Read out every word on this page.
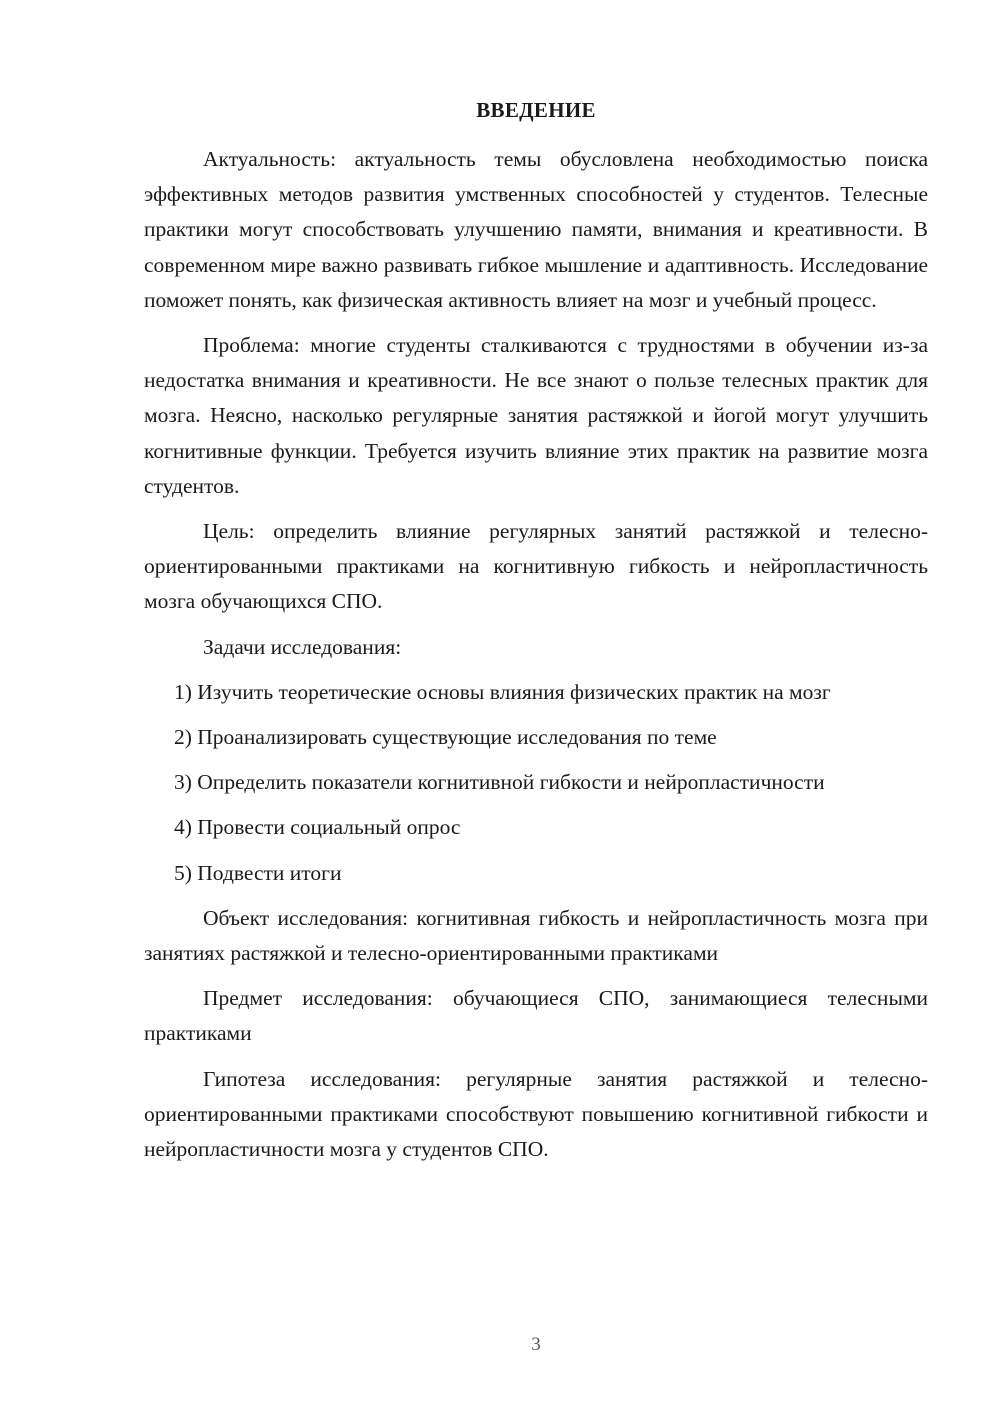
ВВЕДЕНИЕ

Актуальность: актуальность темы обусловлена необходимостью поиска эффективных методов развития умственных способностей у студентов. Телесные практики могут способствовать улучшению памяти, внимания и креативности. В современном мире важно развивать гибкое мышление и адаптивность. Исследование поможет понять, как физическая активность влияет на мозг и учебный процесс.

Проблема: многие студенты сталкиваются с трудностями в обучении из-за недостатка внимания и креативности. Не все знают о пользе телесных практик для мозга. Неясно, насколько регулярные занятия растяжкой и йогой могут улучшить когнитивные функции. Требуется изучить влияние этих практик на развитие мозга студентов.

Цель: определить влияние регулярных занятий растяжкой и телесно-ориентированными практиками на когнитивную гибкость и нейропластичность мозга обучающихся СПО.

Задачи исследования:

1) Изучить теоретические основы влияния физических практик на мозг

2) Проанализировать существующие исследования по теме

3) Определить показатели когнитивной гибкости и нейропластичности

4) Провести социальный опрос

5) Подвести итоги

Объект исследования: когнитивная гибкость и нейропластичность мозга при занятиях растяжкой и телесно-ориентированными практиками

Предмет исследования: обучающиеся СПО, занимающиеся телесными практиками

Гипотеза исследования: регулярные занятия растяжкой и телесно-ориентированными практиками способствуют повышению когнитивной гибкости и нейропластичности мозга у студентов СПО.

3
